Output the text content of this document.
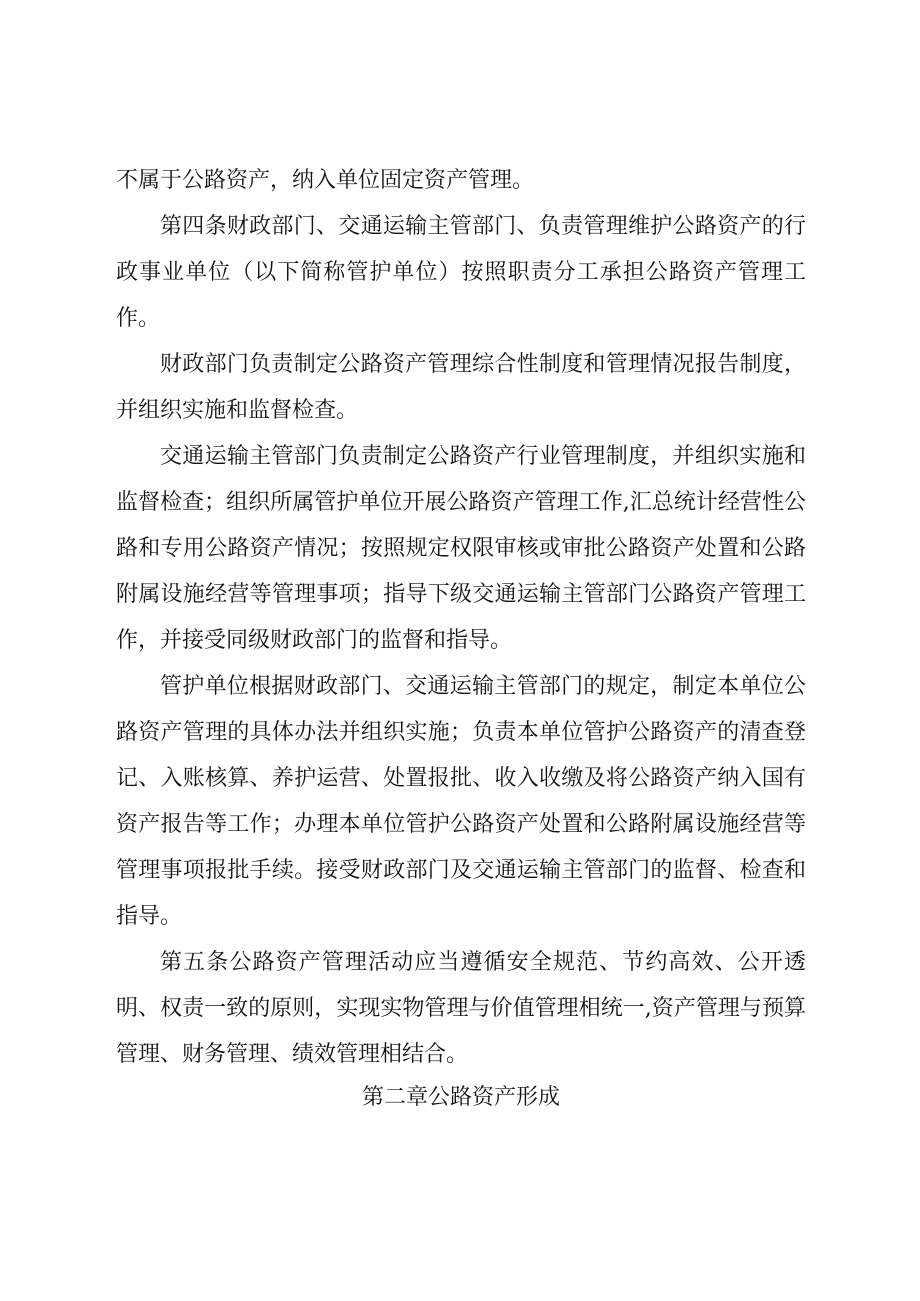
不属于公路资产，纳入单位固定资产管理。

第四条财政部门、交通运输主管部门、负责管理维护公路资产的行政事业单位（以下简称管护单位）按照职责分工承担公路资产管理工作。

财政部门负责制定公路资产管理综合性制度和管理情况报告制度，并组织实施和监督检查。

交通运输主管部门负责制定公路资产行业管理制度，并组织实施和监督检查；组织所属管护单位开展公路资产管理工作,汇总统计经营性公路和专用公路资产情况；按照规定权限审核或审批公路资产处置和公路附属设施经营等管理事项；指导下级交通运输主管部门公路资产管理工作，并接受同级财政部门的监督和指导。

管护单位根据财政部门、交通运输主管部门的规定，制定本单位公路资产管理的具体办法并组织实施；负责本单位管护公路资产的清查登记、入账核算、养护运营、处置报批、收入收缴及将公路资产纳入国有资产报告等工作；办理本单位管护公路资产处置和公路附属设施经营等管理事项报批手续。接受财政部门及交通运输主管部门的监督、检查和指导。

第五条公路资产管理活动应当遵循安全规范、节约高效、公开透明、权责一致的原则，实现实物管理与价值管理相统一,资产管理与预算管理、财务管理、绩效管理相结合。

第二章公路资产形成
